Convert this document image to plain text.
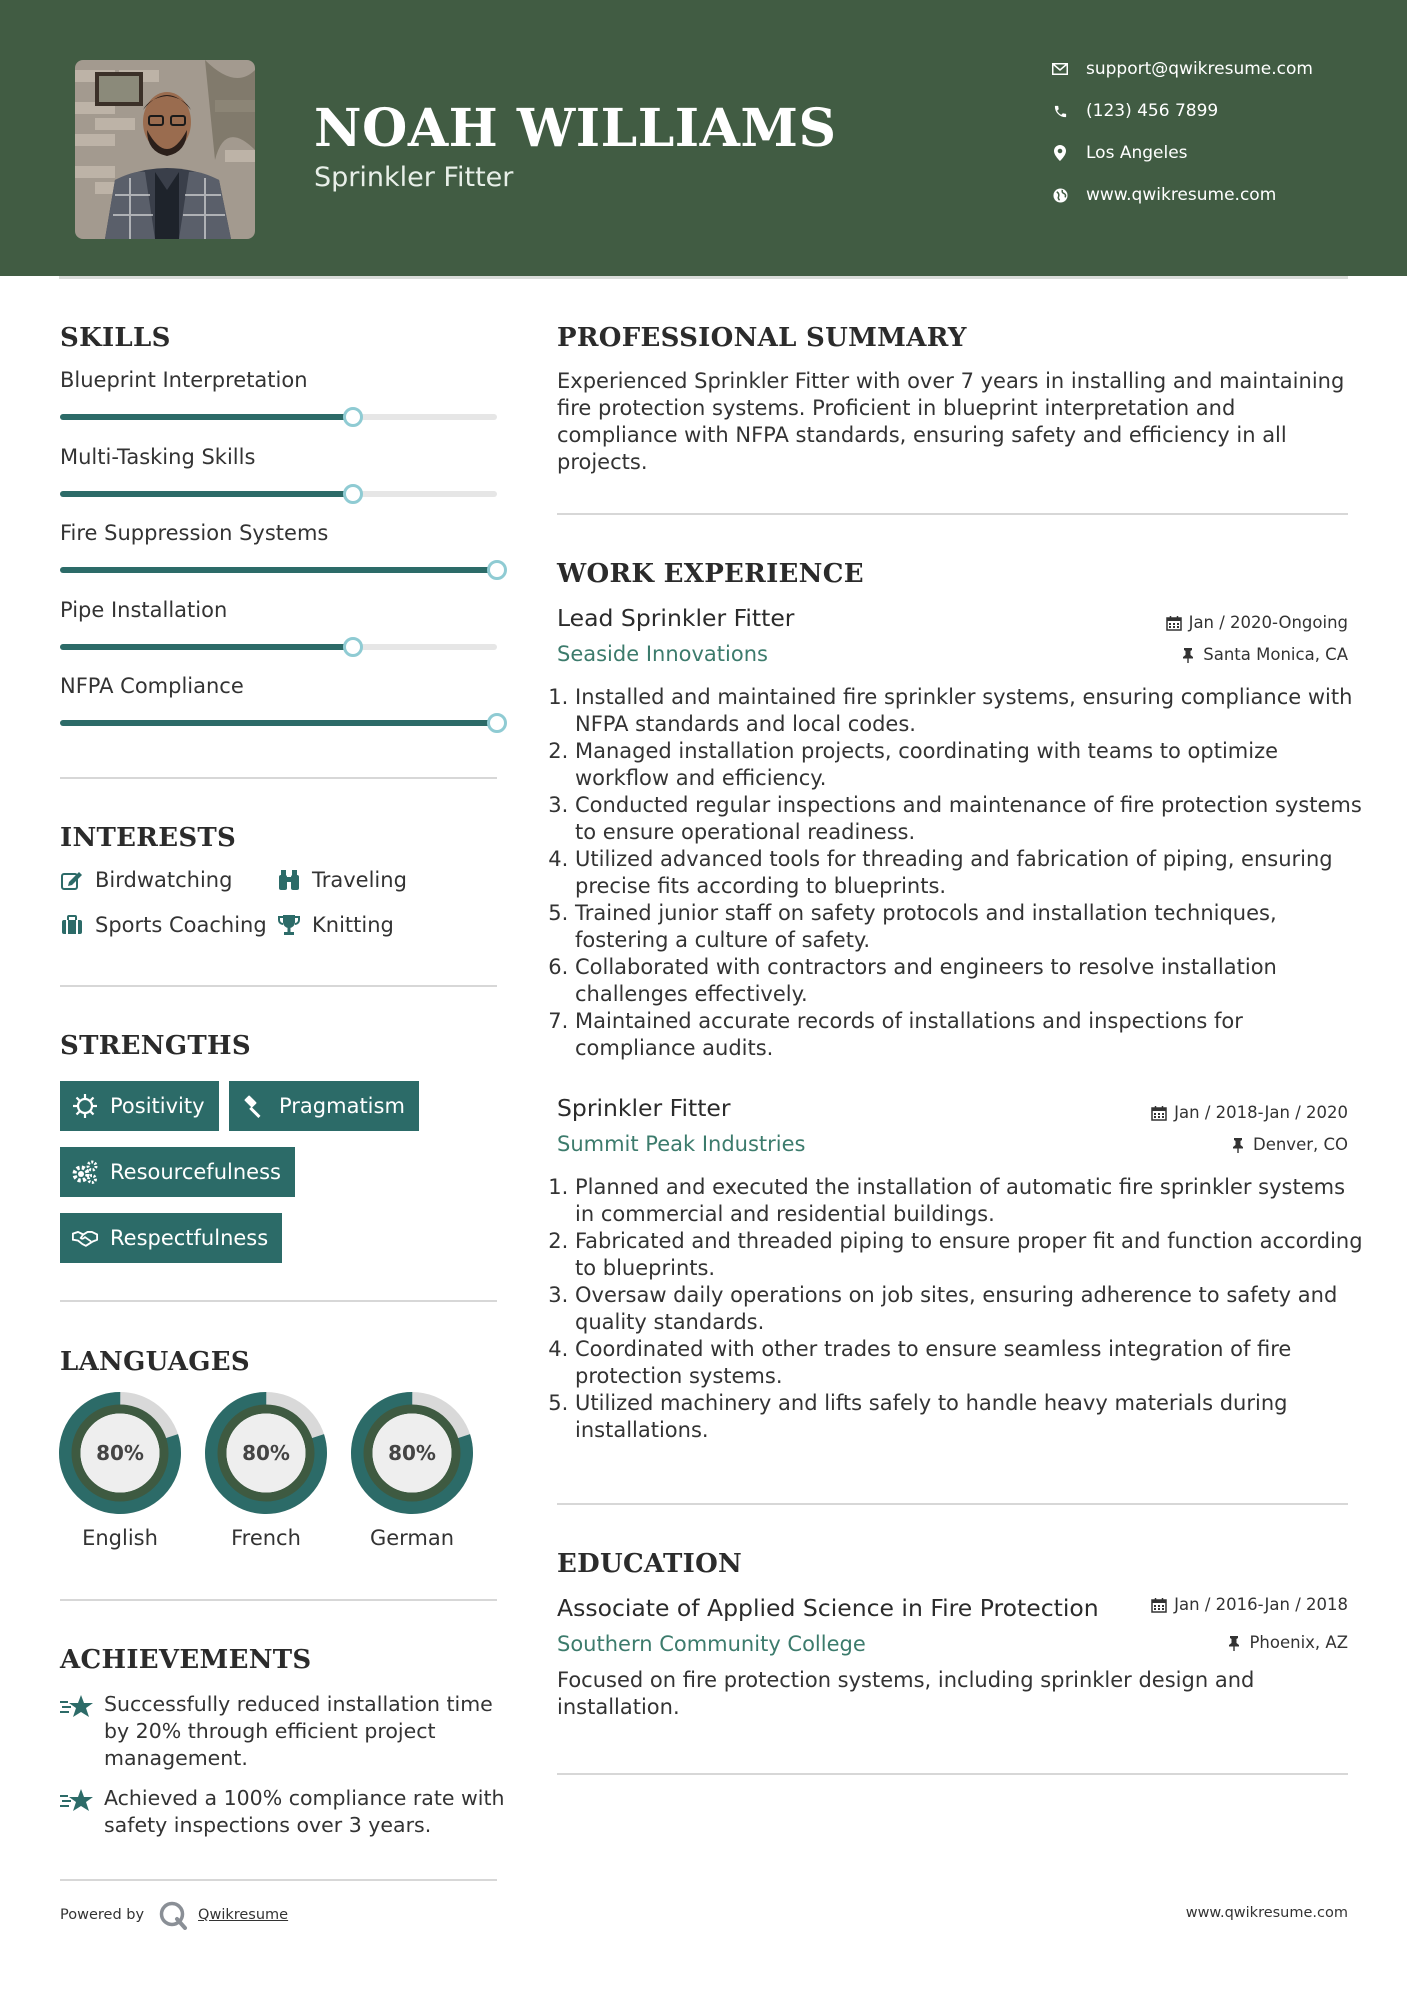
NOAH WILLIAMS
Sprinkler Fitter
support@qwikresume.com
(123) 456 7899
Los Angeles
www.qwikresume.com
SKILLS
Blueprint Interpretation
Multi-Tasking Skills
Fire Suppression Systems
Pipe Installation
NFPA Compliance
INTERESTS
Birdwatching	Traveling
Sports Coaching Knitting
STRENGTHS
Positivity	Pragmatism
Resourcefulness
Respectfulness
LANGUAGES
80%
English
80%
French
80%
German
ACHIEVEMENTS
Successfully reduced installation time by 20% through efficient project management.
Achieved a 100% compliance rate with safety inspections over 3 years.
PROFESSIONAL SUMMARY
Experienced Sprinkler Fitter with over 7 years in installing and maintaining fire protection systems. Proficient in blueprint interpretation and compliance with NFPA standards, ensuring safety and efficiency in all projects.
WORK EXPERIENCE
Lead Sprinkler Fitter	Jan / 2020-Ongoing
Seaside Innovations	Santa Monica, CA
1. Installed and maintained fire sprinkler systems, ensuring compliance with NFPA standards and local codes.
2. Managed installation projects, coordinating with teams to optimize workflow and efficiency.
3. Conducted regular inspections and maintenance of fire protection systems to ensure operational readiness.
4. Utilized advanced tools for threading and fabrication of piping, ensuring precise fits according to blueprints.
5. Trained junior staff on safety protocols and installation techniques, fostering a culture of safety.
6. Collaborated with contractors and engineers to resolve installation challenges effectively.
7. Maintained accurate records of installations and inspections for compliance audits.
Sprinkler Fitter	Jan / 2018-Jan / 2020
Summit Peak Industries	Denver, CO
1. Planned and executed the installation of automatic fire sprinkler systems in commercial and residential buildings.
2. Fabricated and threaded piping to ensure proper fit and function according to blueprints.
3. Oversaw daily operations on job sites, ensuring adherence to safety and quality standards.
4. Coordinated with other trades to ensure seamless integration of fire protection systems.
5. Utilized machinery and lifts safely to handle heavy materials during installations.
EDUCATION
Associate of Applied Science in Fire Protection	Jan / 2016-Jan / 2018
Southern Community College	Phoenix, AZ
Focused on fire protection systems, including sprinkler design and installation.
Powered by	Qwikresume	www.qwikresume.com
